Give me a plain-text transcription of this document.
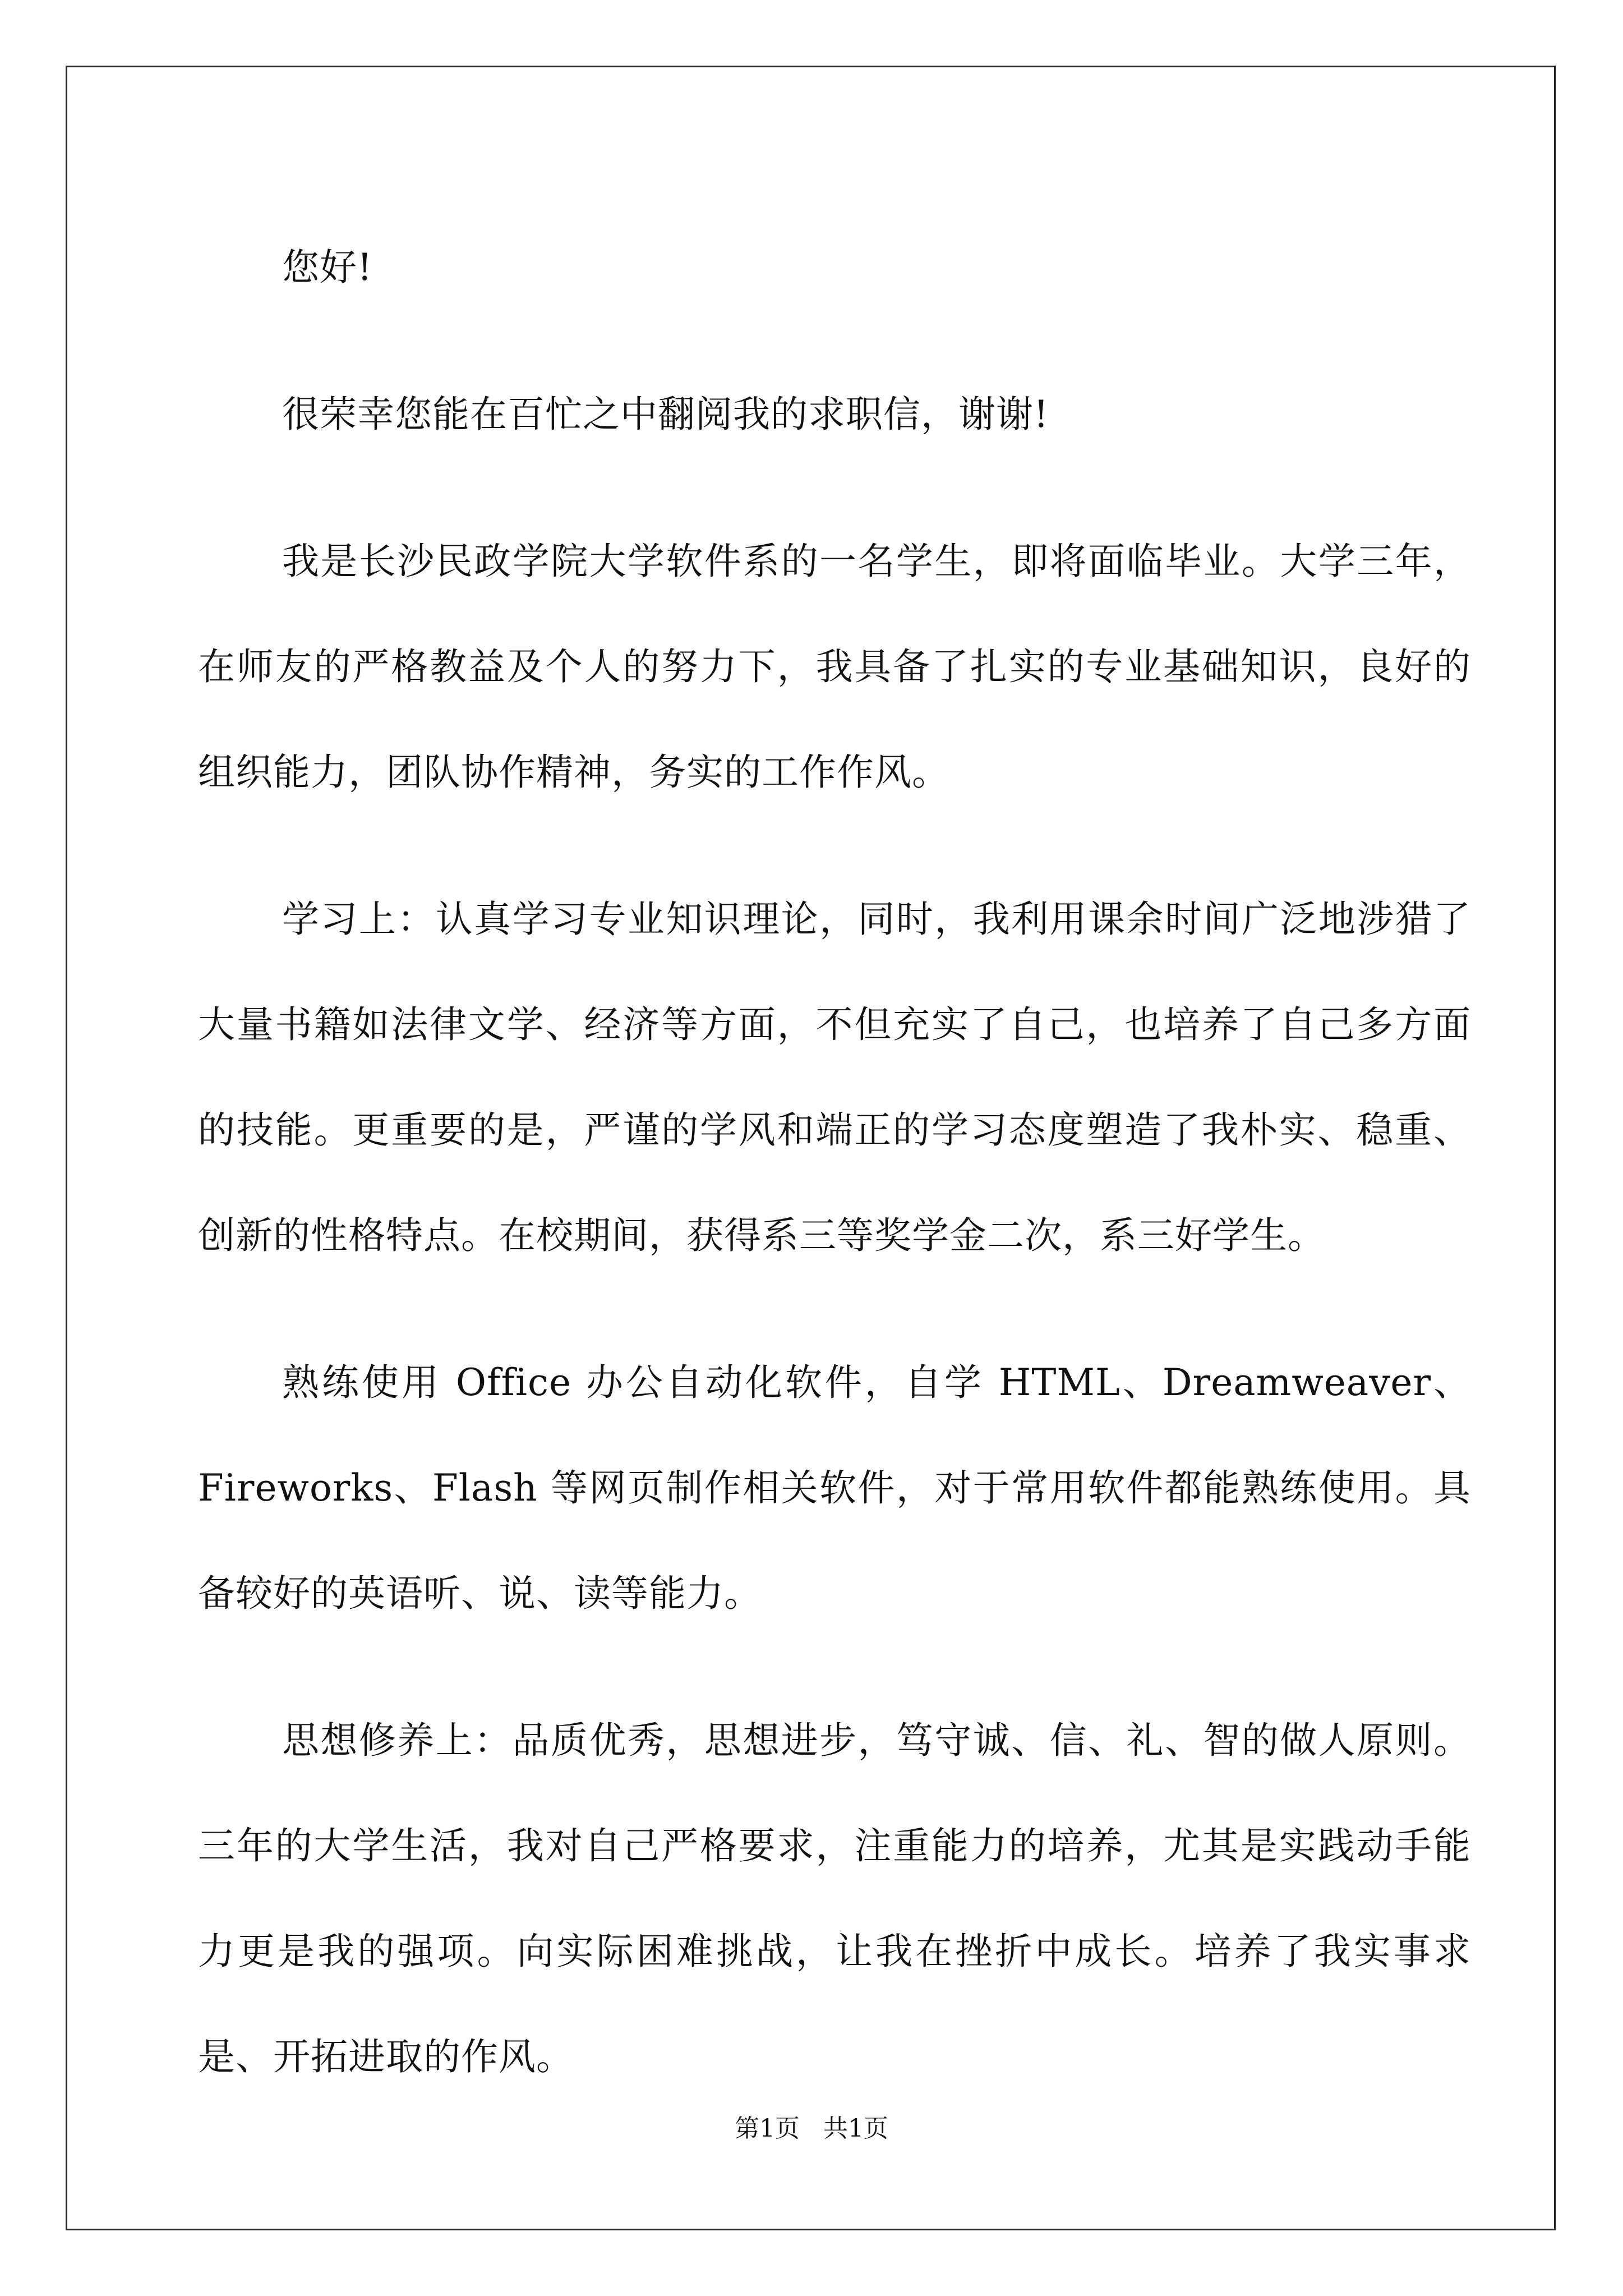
您好!

很荣幸您能在百忙之中翻阅我的求职信，谢谢!

我是长沙民政学院大学软件系的一名学生，即将面临毕业。大学三年，在师友的严格教益及个人的努力下，我具备了扎实的专业基础知识，良好的组织能力，团队协作精神，务实的工作作风。

学习上：认真学习专业知识理论，同时，我利用课余时间广泛地涉猎了大量书籍如法律文学、经济等方面，不但充实了自己，也培养了自己多方面的技能。更重要的是，严谨的学风和端正的学习态度塑造了我朴实、稳重、创新的性格特点。在校期间，获得系三等奖学金二次，系三好学生。

熟练使用 Office 办公自动化软件，自学 HTML、Dreamweaver、Fireworks、Flash 等网页制作相关软件，对于常用软件都能熟练使用。具备较好的英语听、说、读等能力。

思想修养上：品质优秀，思想进步，笃守诚、信、礼、智的做人原则。三年的大学生活，我对自己严格要求，注重能力的培养，尤其是实践动手能力更是我的强项。向实际困难挑战，让我在挫折中成长。培养了我实事求是、开拓进取的作风。

第1页 共1页
